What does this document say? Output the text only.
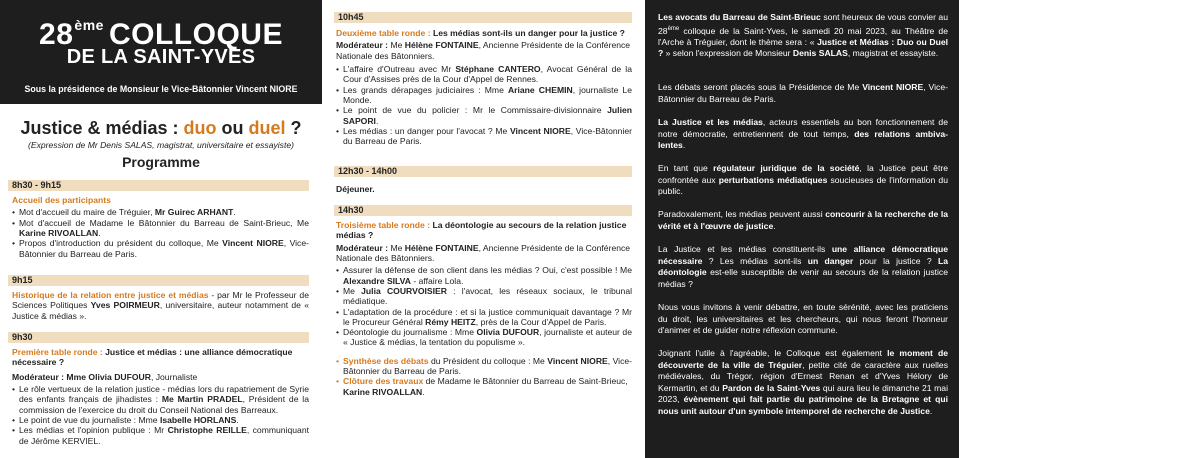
28ème COLLOQUE
DE LA SAINT-YVES
Sous la présidence de Monsieur le Vice-Bâtonnier Vincent NIORE
Justice & médias : duo ou duel ?
(Expression de Mr Denis SALAS, magistrat, universitaire et essayiste)
Programme
8h30 - 9h15
Accueil des participants
• Mot d'accueil du maire de Tréguier, Mr Guirec ARHANT.
• Mot d'accueil de Madame le Bâtonnier du Barreau de Saint-Brieuc, Me Karine RIVOALLAN.
• Propos d'introduction du président du colloque, Me Vincent NIORE, Vice-Bâtonnier du Barreau de Paris.
9h15
Historique de la relation entre justice et médias - par Mr le Professeur de Sciences Politiques Yves POIRMEUR, universitaire, auteur notamment de « Justice & médias ».
9h30
Première table ronde : Justice et médias : une alliance démocratique nécessaire ?
Modérateur : Mme Olivia DUFOUR, Journaliste
• Le rôle vertueux de la relation justice - médias lors du rapatriement de Syrie des enfants français de jihadistes : Me Martin PRADEL, Président de la commission de l'exercice du droit du Conseil National des Barreaux.
• Le point de vue du journaliste : Mme Isabelle HORLANS.
• Les médias et l'opinion publique : Mr Christophe REILLE, communiquant de Jérôme KERVIEL.
10h45
Deuxième table ronde : Les médias sont-ils un danger pour la justice ?
Modérateur : Me Hélène FONTAINE, Ancienne Présidente de la Conférence Nationale des Bâtonniers.
• L'affaire d'Outreau avec Mr Stéphane CANTERO, Avocat Général de la Cour d'Assises près de la Cour d'Appel de Rennes.
• Les grands dérapages judiciaires : Mme Ariane CHEMIN, journaliste Le Monde.
• Le point de vue du policier : Mr le Commissaire-divisionnaire Julien SAPORI.
• Les médias : un danger pour l'avocat ? Me Vincent NIORE, Vice-Bâtonnier du Barreau de Paris.
12h30 - 14h00
Déjeuner.
14h30
Troisième table ronde : La déontologie au secours de la relation justice médias ?
Modérateur : Me Hélène FONTAINE, Ancienne Présidente de la Conférence Nationale des Bâtonniers.
• Assurer la défense de son client dans les médias ? Oui, c'est possible ! Me Alexandre SILVA - affaire Lola.
• Me Julia COURVOISIER : l'avocat, les réseaux sociaux, le tribunal médiatique.
• L'adaptation de la procédure : et si la justice communiquait davantage ? Mr le Procureur Général Rémy HEITZ, près de la Cour d'Appel de Paris.
• Déontologie du journalisme : Mme Olivia DUFOUR, journaliste et auteur de « Justice & médias, la tentation du populisme ».
• Synthèse des débats du Président du colloque : Me Vincent NIORE, Vice-Bâtonnier du Barreau de Paris.
• Clôture des travaux de Madame le Bâtonnier du Barreau de Saint-Brieuc, Karine RIVOALLAN.
Les avocats du Barreau de Saint-Brieuc sont heureux de vous convier au 28ème colloque de la Saint-Yves, le samedi 20 mai 2023, au Théâtre de l'Arche à Tréguier, dont le thème sera : « Justice et Médias : Duo ou Duel ? » selon l'expression de Monsieur Denis SALAS, magistrat et essayiste.
Les débats seront placés sous la Présidence de Me Vincent NIORE, Vice-Bâtonnier du Barreau de Paris.
La Justice et les médias, acteurs essentiels au bon fonctionnement de notre démocratie, entretiennent de tout temps, des relations ambiva-lentes.
En tant que régulateur juridique de la société, la Justice peut être confrontée aux perturbations médiatiques soucieuses de l'information du public.
Paradoxalement, les médias peuvent aussi concourir à la recherche de la vérité et à l'œuvre de justice.
La Justice et les médias constituent-ils une alliance démocratique nécessaire ? Les médias sont-ils un danger pour la justice ? La déontologie est-elle susceptible de venir au secours de la relation justice médias ?
Nous vous invitons à venir débattre, en toute sérénité, avec les praticiens du droit, les universitaires et les chercheurs, qui nous feront l'honneur d'animer et de guider notre réflexion commune.
Joignant l'utile à l'agréable, le Colloque est également le moment de découverte de la ville de Tréguier, petite cité de caractère aux ruelles médiévales, du Trégor, région d'Ernest Renan et d'Yves Hélory de Kermartin, et du Pardon de la Saint-Yves qui aura lieu le dimanche 21 mai 2023, évènement qui fait partie du patrimoine de la Bretagne et qui nous unit autour d'un symbole intemporel de recherche de Justice.
